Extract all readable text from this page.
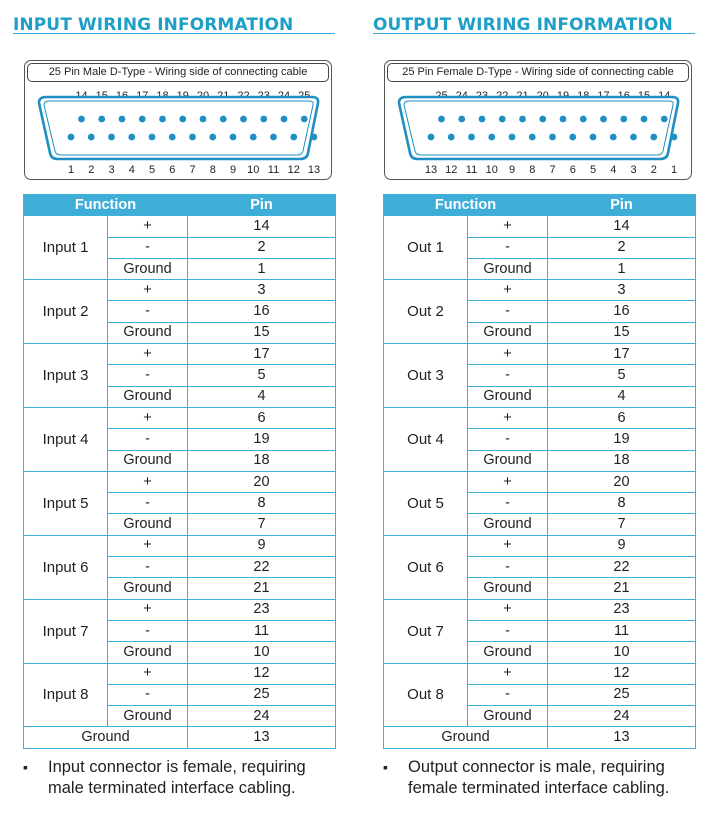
INPUT WIRING INFORMATION
25 Pin Male D-Type - Wiring side of connecting cable
1	2	3	4	5	6	7	8	9	10 11 12 13
Function		Pin
Input 1	+	14
	-	2
	Ground	1
Input 2	+	3
	-	16
	Ground	15
Input 3	+	17
	-	5
	Ground	4
Input 4	+	6
	-	19
	Ground	18
Input 5	+	20
	-	8
	Ground	7
Input 6	+	9
	-	22
	Ground	21
Input 7	+	23
	-	11
	Ground	10
Input 8	+	12
	-	25
	Ground	24
Ground		13
▪ Input connector is female, requiring male terminated interface cabling.
OUTPUT WIRING INFORMATION
25 Pin Female D-Type - Wiring side of connecting cable
13 12 11 10	9	8	7	6	5	4	3	2	1
Function		Pin
Out 1	+	14
	-	2
	Ground	1
Out 2	+	3
	-	16
	Ground	15
Out 3	+	17
	-	5
	Ground	4
Out 4	+	6
	-	19
	Ground	18
Out 5	+	20
	-	8
	Ground	7
Out 6	+	9
	-	22
	Ground	21
Out 7	+	23
	-	11
	Ground	10
Out 8	+	12
	-	25
	Ground	24
Ground		13
▪ Output connector is male, requiring female terminated interface cabling.
